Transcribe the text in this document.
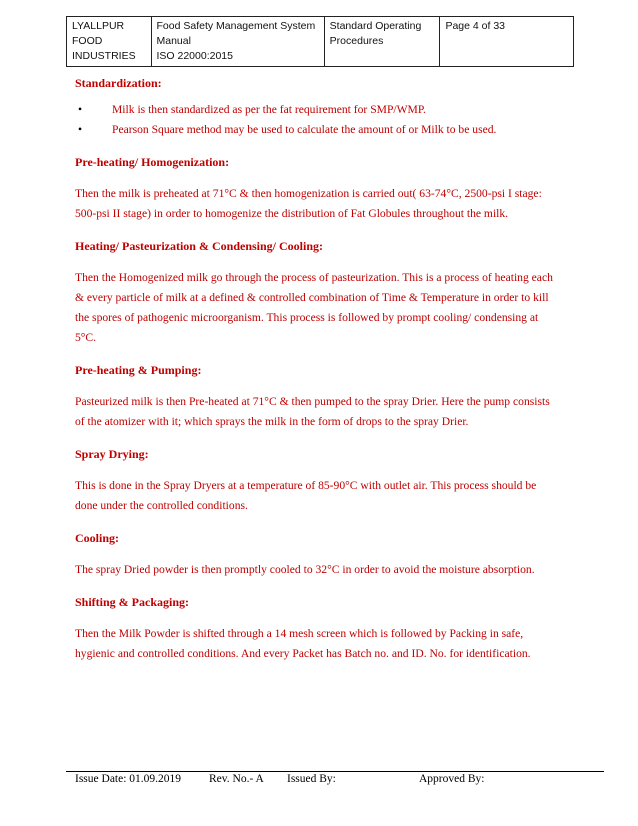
LYALLPUR
FOOD
INDUSTRIES

Food Safety Management System
Manual
ISO 22000:2015

Standard Operating
Procedures

Page 4 of 33

Standardization:

•	Milk is then standardized as per the fat requirement for SMP/WMP.
•	Pearson Square method may be used to calculate the amount of or Milk to be used.

Pre-heating/ Homogenization:

Then the milk is preheated at 71°C & then homogenization is carried out( 63-74°C, 2500-psi I stage:

500-psi II stage) in order to homogenize the distribution of Fat Globules throughout the milk.

Heating/ Pasteurization & Condensing/ Cooling:

Then the Homogenized milk go through the process of pasteurization. This is a process of heating each

& every particle of milk at a defined & controlled combination of Time & Temperature in order to kill

the spores of pathogenic microorganism. This process is followed by prompt cooling/ condensing at

5°C.

Pre-heating & Pumping:

Pasteurized milk is then Pre-heated at 71°C & then pumped to the spray Drier. Here the pump consists

of the atomizer with it; which sprays the milk in the form of drops to the spray Drier.

Spray Drying:

This is done in the Spray Dryers at a temperature of 85-90°C with outlet air. This process should be

done under the controlled conditions.

Cooling:

The spray Dried powder is then promptly cooled to 32°C in order to avoid the moisture absorption.

Shifting & Packaging:

Then the Milk Powder is shifted through a 14 mesh screen which is followed by Packing in safe,

hygienic and controlled conditions. And every Packet has Batch no. and ID. No. for identification.

Issue Date: 01.09.2019 Rev. No.- A Issued By:	Approved By:
